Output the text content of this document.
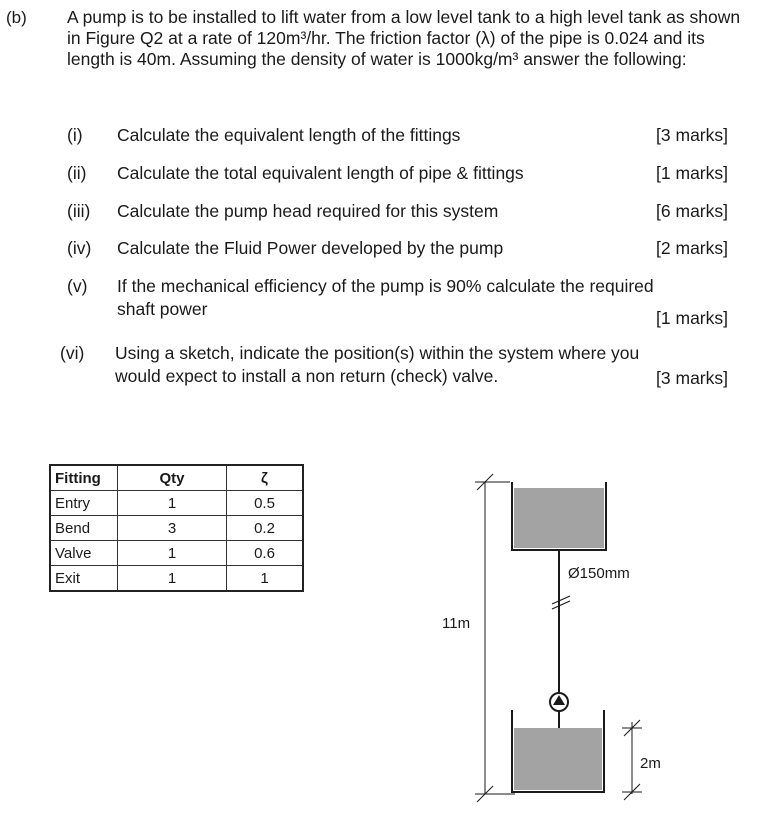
(b) A pump is to be installed to lift water from a low level tank to a high level tank as shown in Figure Q2 at a rate of 120m³/hr. The friction factor (λ) of the pipe is 0.024 and its length is 40m. Assuming the density of water is 1000kg/m³ answer the following:
(i) Calculate the equivalent length of the fittings	[3 marks]
(ii) Calculate the total equivalent length of pipe & fittings	[1 marks]
(iii) Calculate the pump head required for this system	[6 marks]
(iv) Calculate the Fluid Power developed by the pump	[2 marks]
(v) If the mechanical efficiency of the pump is 90% calculate the required
shaft power	[1 marks]
(vi) Using a sketch, indicate the position(s) within the system where you
would expect to install a non return (check) valve.	[3 marks]
Fitting	Qty	ζ
Entry	1	0.5
Bend	3	0.2
Valve	1	0.6
Exit	1	1
11m
Ø150mm
2m
